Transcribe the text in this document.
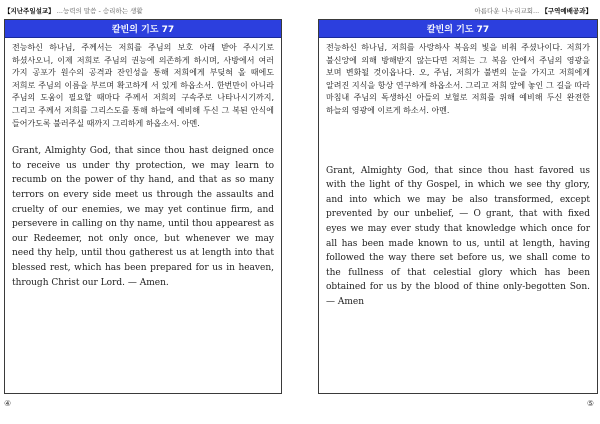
【지난주일설교】 ...능력의 말씀 - 승리하는 생활
칼빈의 기도 77

전능하신 하나님, 주께서는 저희를 주님의 보호 아래 받아 주시기로 하셨사오니, 이제 저희로 주님의 권능에 의존하게 하시며, 사방에서 여러 가지 공포가 원수의 공격과 잔인성을 통해 저희에게 부딪혀 올 때에도 저희로 주님의 이름을 부르며 확고하게 서 있게 하옵소서. 한번만이 아니라 주님의 도움이 필요할 때마다 주께서 저희의 구속주로 나타나시기까지, 그리고 주께서 저희를 그리스도를 통해 하늘에 예비해 두신 그 복된 안식에 들어가도록 불러주실 때까지 그리하게 하옵소서. 아멘.

Grant, Almighty God, that since thou hast deigned once to receive us under thy protection, we may learn to recumb on the power of thy hand, and that as so many terrors on every side meet us through the assaults and cruelty of our enemies, we may yet continue firm, and persevere in calling on thy name, until thou appearest as our Redeemer, not only once, but whenever we may need thy help, until thou gatherest us at length into that blessed rest, which has been prepared for us in heaven, through Christ our Lord. — Amen.

④
아름다운 나누리교회... 【구역예배공과】
칼빈의 기도 77

전능하신 하나님, 저희를 사랑하사 복음의 빛을 비춰 주셨나이다. 저희가 불신앙에 의해 방해받지 않는다면 저희는 그 복음 안에서 주님의 영광을 보며 변화될 것이옵나다. 오, 주님, 저희가 불변의 눈을 가지고 저희에게 알려진 지식을 항상 연구하게 하옵소서. 그리고 저희 앞에 놓인 그 길을 따라 마침내 주님의 독생하신 아들의 보혈로 저희를 위해 예비해 두신 완전한 하늘의 영광에 이르게 하소서. 아멘.

Grant, Almighty God, that since thou hast favored us with the light of thy Gospel, in which we see thy glory, and into which we may be also transformed, except prevented by our unbelief, — O grant, that with fixed eyes we may ever study that knowledge which once for all has been made known to us, until at length, having followed the way there set before us, we shall come to the fullness of that celestial glory which has been obtained for us by the blood of thine only-begotten Son. — Amen

⑤
